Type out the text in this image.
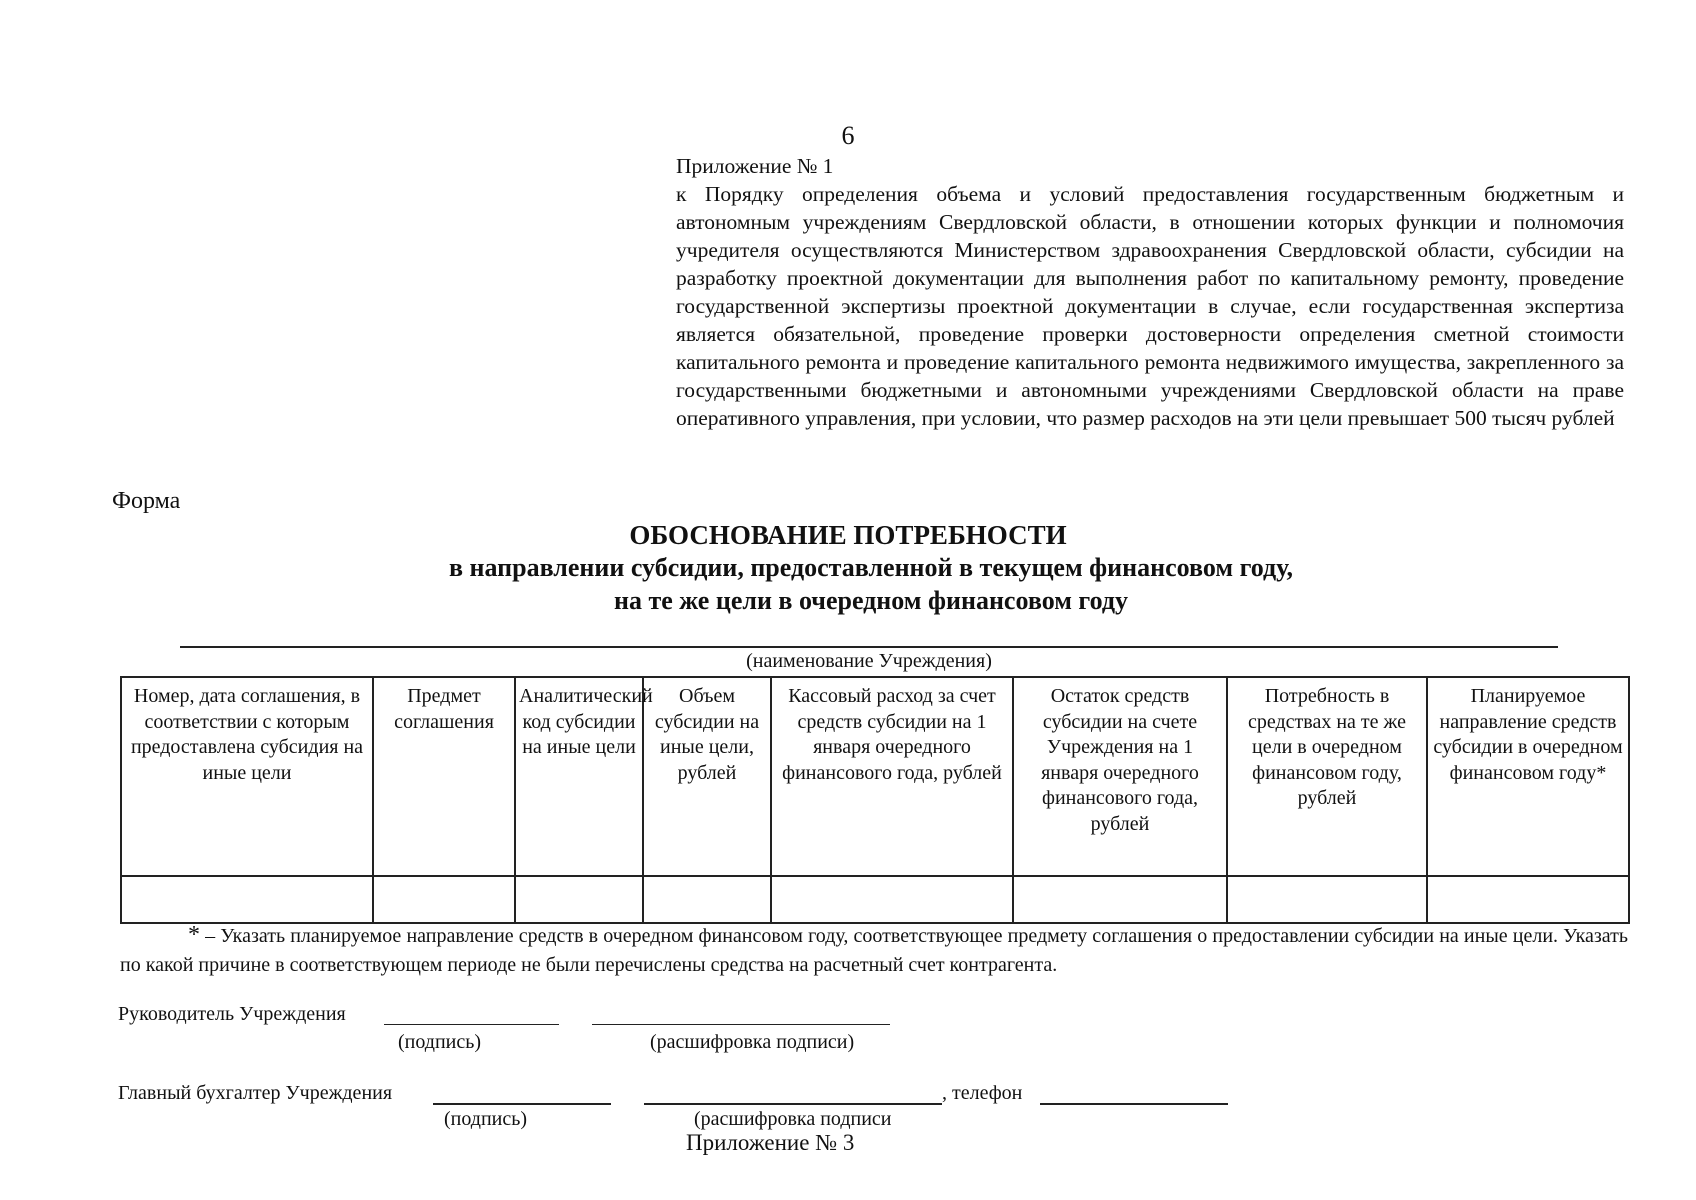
6
Приложение № 1
к Порядку определения объема и условий предоставления государственным бюджетным и автономным учреждениям Свердловской области, в отношении которых функции и полномочия учредителя осуществляются Министерством здравоохранения Свердловской области, субсидии на разработку проектной документации для выполнения работ по капитальному ремонту, проведение государственной экспертизы проектной документации в случае, если государственная экспертиза является обязательной, проведение проверки достоверности определения сметной стоимости капитального ремонта и проведение капитального ремонта недвижимого имущества, закрепленного за государственными бюджетными и автономными учреждениями Свердловской области на праве оперативного управления, при условии, что размер расходов на эти цели превышает 500 тысяч рублей
Форма
ОБОСНОВАНИЕ ПОТРЕБНОСТИ
в направлении субсидии, предоставленной в текущем финансовом году,
на те же цели в очередном финансовом году
(наименование Учреждения)
Номер, дата соглашения, в соответствии с которым предоставлена субсидия на иные цели	Предмет соглашения	Аналитический код субсидии на иные цели	Объем субсидии на иные цели, рублей	Кассовый расход за счет средств субсидии на 1 января очередного финансового года, рублей	Остаток средств субсидии на счете Учреждения на 1 января очередного финансового года, рублей	Потребность в средствах на те же цели в очередном финансовом году, рублей	Планируемое направление средств субсидии в очередном финансовом году*

* – Указать планируемое направление средств в очередном финансовом году, соответствующее предмету соглашения о предоставлении субсидии на иные цели. Указать по какой причине в соответствующем периоде не были перечислены средства на расчетный счет контрагента.
Руководитель Учреждения
(подпись)	(расшифровка подписи)
Главный бухгалтер Учреждения	, телефон
(подпись)	(расшифровка подписи
Приложение № 3
